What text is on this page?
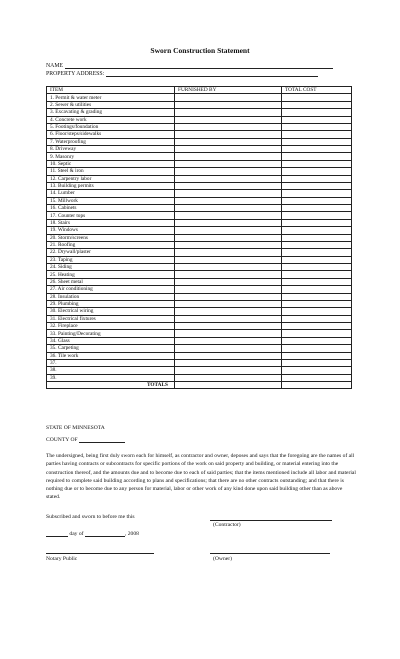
Sworn Construction Statement
NAME
PROPERTY ADDRESS:
ITEM	FURNISHED BY	TOTAL COST
1. Permit & water meter		
2. Sewer & utilities		
3. Excavating & grading		
4. Concrete work		
5. Footings/foundation		
6. Floor/steps/sidewalks		
7. Waterproofing		
8. Driveway		
9. Masonry		
10. Septic		
11. Steel & iron		
12. Carpentry labor		
13. Building permits		
14. Lumber		
15. Millwork		
16. Cabinets		
17. Counter tops		
18. Stairs		
19. Windows		
20. Storm/screens		
21. Roofing		
22. Drywall/plaster		
23. Taping		
24. Siding		
25. Heating		
26. Sheet metal		
27. Air conditioning		
28. Insulation		
29. Plumbing		
30. Electrical wiring		
31. Electrical fixtures		
32. Fireplace		
33. Painting/Decorating		
34. Glass		
35. Carpeting		
36. Tile work		
37.		
38.		
39.		
TOTALS		
STATE OF MINNESOTA
COUNTY OF
The undersigned, being first duly sworn each for himself, as contractor and owner, deposes and says that the foregoing are the names of all parties having contracts or subcontracts for specific portions of the work on said property and building, or material entering into the construction thereof, and the amounts due and to become due to each of said parties; that the items mentioned include all labor and material required to complete said building according to plans and specifications; that there are no other contracts outstanding; and that there is nothing due or to become due to any person for material, labor or other work of any kind done upon said building other than as above stated.
Subscribed and sworn to before me this
(Contractor)
day of	, 2008
Notary Public	(Owner)
